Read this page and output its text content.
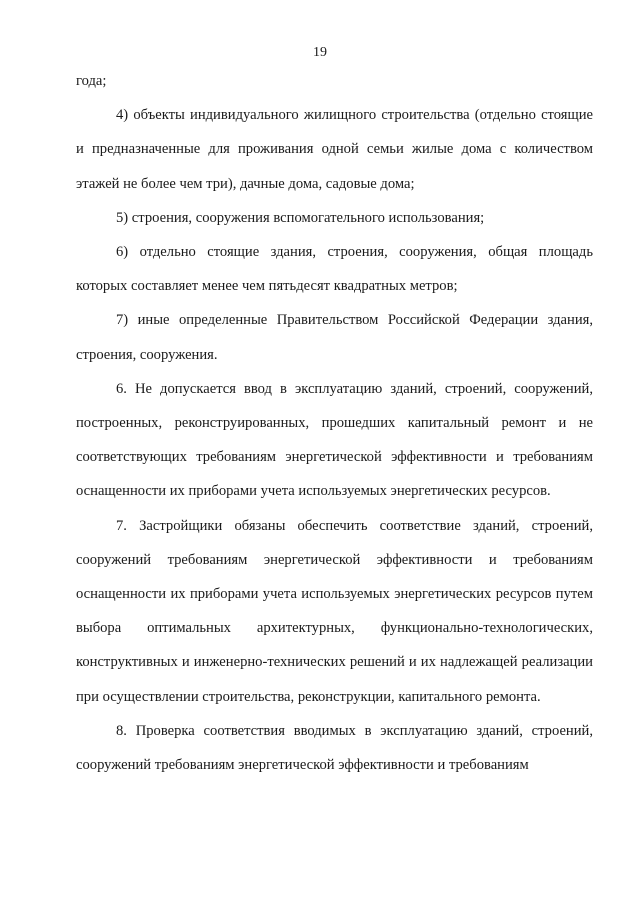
19

года;

4) объекты индивидуального жилищного строительства (отдельно стоящие и предназначенные для проживания одной семьи жилые дома с количеством этажей не более чем три), дачные дома, садовые дома;

5) строения, сооружения вспомогательного использования;

6) отдельно стоящие здания, строения, сооружения, общая площадь которых составляет менее чем пятьдесят квадратных метров;

7) иные определенные Правительством Российской Федерации здания, строения, сооружения.

6. Не допускается ввод в эксплуатацию зданий, строений, сооружений, построенных, реконструированных, прошедших капитальный ремонт и не соответствующих требованиям энергетической эффективности и требованиям оснащенности их приборами учета используемых энергетических ресурсов.

7. Застройщики обязаны обеспечить соответствие зданий, строений, сооружений требованиям энергетической эффективности и требованиям оснащенности их приборами учета используемых энергетических ресурсов путем выбора оптимальных архитектурных, функционально-технологических, конструктивных и инженерно-технических решений и их надлежащей реализации при осуществлении строительства, реконструкции, капитального ремонта.

8. Проверка соответствия вводимых в эксплуатацию зданий, строений, сооружений требованиям энергетической эффективности и требованиям
